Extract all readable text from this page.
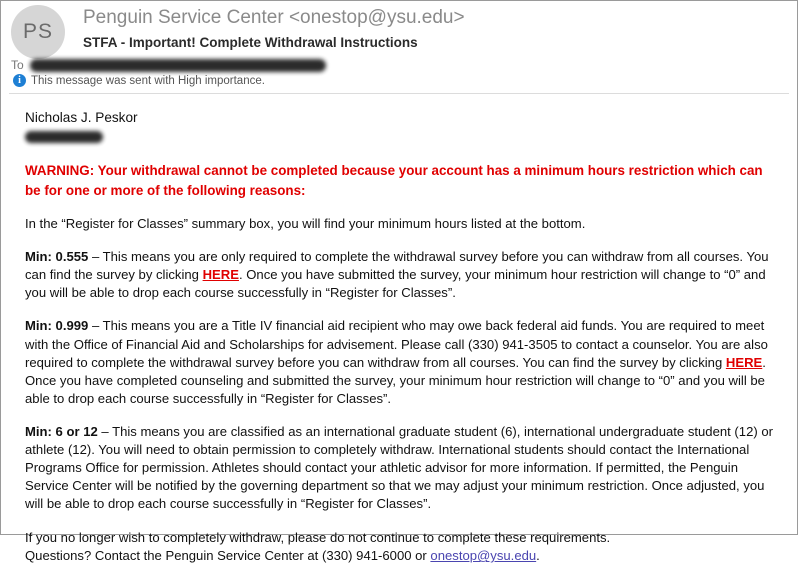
PS
Penguin Service Center <onestop@ysu.edu>
STFA - Important! Complete Withdrawal Instructions
To
i This message was sent with High importance.
Nicholas J. Peskor
WARNING: Your withdrawal cannot be completed because your account has a minimum hours restriction which can be for one or more of the following reasons:

In the “Register for Classes” summary box, you will find your minimum hours listed at the bottom.

Min: 0.555 – This means you are only required to complete the withdrawal survey before you can withdraw from all courses. You can find the survey by clicking HERE. Once you have submitted the survey, your minimum hour restriction will change to “0” and you will be able to drop each course successfully in “Register for Classes”.

Min: 0.999 – This means you are a Title IV financial aid recipient who may owe back federal aid funds. You are required to meet with the Office of Financial Aid and Scholarships for advisement. Please call (330) 941-3505 to contact a counselor. You are also required to complete the withdrawal survey before you can withdraw from all courses. You can find the survey by clicking HERE. Once you have completed counseling and submitted the survey, your minimum hour restriction will change to “0” and you will be able to drop each course successfully in “Register for Classes”.

Min: 6 or 12 – This means you are classified as an international graduate student (6), international undergraduate student (12) or athlete (12). You will need to obtain permission to completely withdraw. International students should contact the International Programs Office for permission. Athletes should contact your athletic advisor for more information. If permitted, the Penguin Service Center will be notified by the governing department so that we may adjust your minimum restriction. Once adjusted, you will be able to drop each course successfully in “Register for Classes”.

If you no longer wish to completely withdraw, please do not continue to complete these requirements.
Questions? Contact the Penguin Service Center at (330) 941-6000 or onestop@ysu.edu.
